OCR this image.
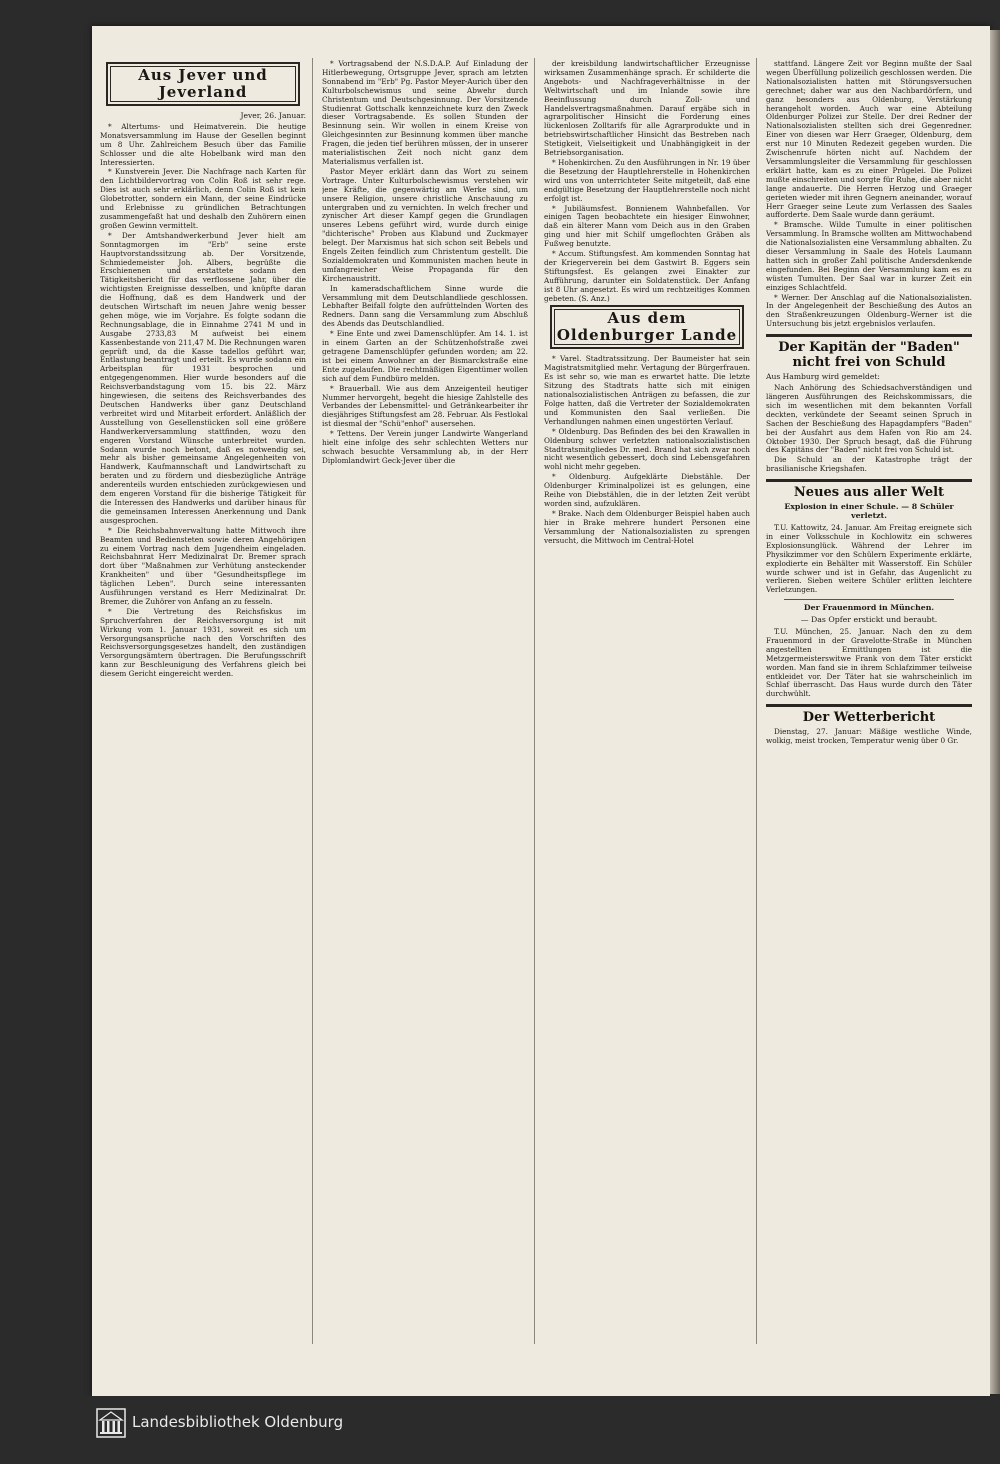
Aus Jever und Jeverland

Jever, 26. Januar.

* Altertums- und Heimatverein. Die heutige Monatsversammlung im Hause der Gesellen beginnt um 8 Uhr. Zahlreichem Besuch über das Familie Schlosser und die alte Hobelbank wird man den Interessierten.

* Kunstverein Jever. Die Nachfrage nach Karten für den Lichtbildervortrag von Colin Roß ist sehr rege. Dies ist auch sehr erklärlich, denn Colin Roß ist kein Globetrotter, sondern ein Mann, der seine Eindrücke und Erlebnisse zu gründlichen Betrachtungen zusammengefaßt hat und deshalb den Zuhörern einen großen Gewinn vermittelt.

* Der Amtshandwerkerbund Jever hielt am Sonntagmorgen im "Erb" seine erste Hauptvorstandssitzung ab. Der Vorsitzende, Schmiedemeister Joh. Albers, begrüßte die Erschienenen und erstattete sodann den Tätigkeitsbericht für das verflossene Jahr, über die wichtigsten Ereignisse desselben, und knüpfte daran die Hoffnung, daß es dem Handwerk und der deutschen Wirtschaft im neuen Jahre wenig besser gehen möge, wie im Vorjahre. Es folgte sodann die Rechnungsablage, die in Einnahme 2741 M und in Ausgabe 2733,83 M aufweist bei einem Kassenbestande von 211,47 M. Die Rechnungen waren geprüft und, da die Kasse tadellos geführt war, Entlastung beantragt und erteilt. Es wurde sodann ein Arbeitsplan für 1931 besprochen und entgegengenommen. Hier wurde besonders auf die Reichsverbandstagung vom 15. bis 22. März hingewiesen, die seitens des Reichsverbandes des Deutschen Handwerks über ganz Deutschland verbreitet wird und Mitarbeit erfordert. Anläßlich der Ausstellung von Gesellenstücken soll eine größere Handwerkerversammlung stattfinden, wozu den engeren Vorstand Wünsche unterbreitet wurden. Sodann wurde noch betont, daß es notwendig sei, mehr als bisher gemeinsame Angelegenheiten von Handwerk, Kaufmannschaft und Landwirtschaft zu beraten und zu fördern und diesbezügliche Anträge anderenteils wurden entschieden zurückgewiesen und dem engeren Vorstand für die bisherige Tätigkeit für die Interessen des Handwerks und darüber hinaus für die gemeinsamen Interessen Anerkennung und Dank ausgesprochen.

* Die Reichsbahnverwaltung hatte Mittwoch ihre Beamten und Bediensteten sowie deren Angehörigen zu einem Vortrag nach dem Jugendheim eingeladen. Reichsbahnrat Herr Medizinalrat Dr. Bremer sprach dort über "Maßnahmen zur Verhütung ansteckender Krankheiten" und über "Gesundheitspflege im täglichen Leben". Durch seine interessanten Ausführungen verstand es Herr Medizinalrat Dr. Bremer, die Zuhörer von Anfang an zu fesseln.

* Die Vertretung des Reichsfiskus im Spruchverfahren der Reichsversorgung ist mit Wirkung vom 1. Januar 1931, soweit es sich um Versorgungsansprüche nach den Vorschriften des Reichsversorgungsgesetzes handelt, den zuständigen Versorgungsämtern übertragen. Die Berufungsschrift kann zur Beschleunigung des Verfahrens gleich bei diesem Gericht eingereicht werden.

* Vortragsabend der N.S.D.A.P. Auf Einladung der Hitlerbewegung, Ortsgruppe Jever, sprach am letzten Sonnabend im "Erb" Pg. Pastor Meyer-Aurich über den Kulturbolschewismus und seine Abwehr durch Christentum und Deutschgesinnung. Der Vorsitzende Studienrat Gottschalk kennzeichnete kurz den Zweck dieser Vortragsabende. Es sollen Stunden der Besinnung sein. Wir wollen in einem Kreise von Gleichgesinnten zur Besinnung kommen über manche Fragen, die jeden tief berühren müssen, der in unserer materialistischen Zeit noch nicht ganz dem Materialismus verfallen ist.

Pastor Meyer erklärt dann das Wort zu seinem Vortrage. Unter Kulturbolschewismus verstehen wir jene Kräfte, die gegenwärtig am Werke sind, um unsere Religion, unsere christliche Anschauung zu untergraben und zu vernichten. In welch frecher und zynischer Art dieser Kampf gegen die Grundlagen unseres Lebens geführt wird, wurde durch einige "dichterische" Proben aus Klabund und Zuckmayer belegt. Der Marxismus hat sich schon seit Bebels und Engels Zeiten feindlich zum Christentum gestellt. Die Sozialdemokraten und Kommunisten machen heute in umfangreicher Weise Propaganda für den Kirchenaustritt.

In kameradschaftlichem Sinne wurde die Versammlung mit dem Deutschlandliede geschlossen. Lebhafter Beifall folgte den aufrüttelnden Worten des Redners. Dann sang die Versammlung zum Abschluß des Abends das Deutschlandlied.

* Eine Ente und zwei Damenschlüpfer. Am 14. 1. ist in einem Garten an der Schützenhofstraße zwei getragene Damenschlüpfer gefunden worden; am 22. ist bei einem Anwohner an der Bismarckstraße eine Ente zugelaufen. Die rechtmäßigen Eigentümer wollen sich auf dem Fundbüro melden.

* Brauerball. Wie aus dem Anzeigenteil heutiger Nummer hervorgeht, begeht die hiesige Zahlstelle des Verbandes der Lebensmittel- und Getränkearbeiter ihr diesjähriges Stiftungsfest am 28. Februar. Als Festlokal ist diesmal der "Schü"enhof" ausersehen.

* Tettens. Der Verein junger Landwirte Wangerland hielt eine infolge des sehr schlechten Wetters nur schwach besuchte Versammlung ab, in der Herr Diplomlandwirt Geck-Jever über die

der kreisbildung landwirtschaftlicher Erzeugnisse wirksamen Zusammenhänge sprach. Er schilderte die Angebots- und Nachfrageverhältnisse in der Weltwirtschaft und im Inlande sowie ihre Beeinflussung durch Zoll- und Handelsvertragsmaßnahmen. Darauf ergäbe sich in agrarpolitischer Hinsicht die Forderung eines lückenlosen Zolltarifs für alle Agrarprodukte und in betriebswirtschaftlicher Hinsicht das Bestreben nach Stetigkeit, Vielseitigkeit und Unabhängigkeit in der Betriebsorganisation.

* Hohenkirchen. Zu den Ausführungen in Nr. 19 über die Besetzung der Hauptlehrerstelle in Hohenkirchen wird uns von unterrichteter Seite mitgeteilt, daß eine endgültige Besetzung der Hauptlehrerstelle noch nicht erfolgt ist.

* Jubiläumsfest. Bonnienem Wahnbefallen. Vor einigen Tagen beobachtete ein hiesiger Einwohner, daß ein älterer Mann vom Deich aus in den Graben ging und hier mit Schilf umgeflochten Gräben als Fußweg benutzte.

* Accum. Stiftungsfest. Am kommenden Sonntag hat der Kriegerverein bei dem Gastwirt B. Eggers sein Stiftungsfest. Es gelangen zwei Einakter zur Aufführung, darunter ein Soldatenstück. Der Anfang ist 8 Uhr angesetzt. Es wird um rechtzeitiges Kommen gebeten. (S. Anz.)

Aus dem Oldenburger Lande

* Varel. Stadtratssitzung. Der Baumeister hat sein Magistratsmitglied mehr. Vertagung der Bürgerfrauen. Es ist sehr so, wie man es erwartet hatte. Die letzte Sitzung des Stadtrats hatte sich mit einigen nationalsozialistischen Anträgen zu befassen, die zur Folge hatten, daß die Vertreter der Sozialdemokraten und Kommunisten den Saal verließen. Die Verhandlungen nahmen einen ungestörten Verlauf.

* Oldenburg. Das Befinden des bei den Krawallen in Oldenburg schwer verletzten nationalsozialistischen Stadtratsmitgliedes Dr. med. Brand hat sich zwar noch nicht wesentlich gebessert, doch sind Lebensgefahren wohl nicht mehr gegeben.

* Oldenburg. Aufgeklärte Diebstähle. Der Oldenburger Kriminalpolizei ist es gelungen, eine Reihe von Diebstählen, die in der letzten Zeit verübt worden sind, aufzuklären.

* Brake. Nach dem Oldenburger Beispiel haben auch hier in Brake mehrere hundert Personen eine Versammlung der Nationalsozialisten zu sprengen versucht, die Mittwoch im Central-Hotel

stattfand. Längere Zeit vor Beginn mußte der Saal wegen Überfüllung polizeilich geschlossen werden. Die Nationalsozialisten hatten mit Störungsversuchen gerechnet; daher war aus den Nachbardörfern, und ganz besonders aus Oldenburg, Verstärkung herangeholt worden. Auch war eine Abteilung Oldenburger Polizei zur Stelle. Der drei Redner der Nationalsozialisten stellten sich drei Gegenredner. Einer von diesen war Herr Graeger, Oldenburg, dem erst nur 10 Minuten Redezeit gegeben wurden. Die Zwischenrufe hörten nicht auf. Nachdem der Versammlungsleiter die Versammlung für geschlossen erklärt hatte, kam es zu einer Prügelei. Die Polizei mußte einschreiten und sorgte für Ruhe, die aber nicht lange andauerte. Die Herren Herzog und Graeger gerieten wieder mit ihren Gegnern aneinander, worauf Herr Graeger seine Leute zum Verlassen des Saales aufforderte. Dem Saale wurde dann geräumt.

* Bramsche. Wilde Tumulte in einer politischen Versammlung. In Bramsche wollten am Mittwochabend die Nationalsozialisten eine Versammlung abhalten. Zu dieser Versammlung in Saale des Hotels Laumann hatten sich in großer Zahl politische Andersdenkende eingefunden. Bei Beginn der Versammlung kam es zu wüsten Tumulten. Der Saal war in kurzer Zeit ein einziges Schlachtfeld.

* Werner. Der Anschlag auf die Nationalsozialisten. In der Angelegenheit der Beschießung des Autos an den Straßenkreuzungen Oldenburg–Werner ist die Untersuchung bis jetzt ergebnislos verlaufen.

Der Kapitän der "Baden" nicht frei von Schuld

Aus Hamburg wird gemeldet:

Nach Anhörung des Schiedsachverständigen und längeren Ausführungen des Reichskommissars, die sich im wesentlichen mit dem bekannten Vorfall deckten, verkündete der Seeamt seinen Spruch in Sachen der Beschießung des Hapagdampfers "Baden" bei der Ausfahrt aus dem Hafen von Rio am 24. Oktober 1930. Der Spruch besagt, daß die Führung des Kapitäns der "Baden" nicht frei von Schuld ist.

Die Schuld an der Katastrophe trägt der brasilianische Kriegshafen.

Neues aus aller Welt
Explosion in einer Schule. — 8 Schüler verletzt.

T.U. Kattowitz, 24. Januar. Am Freitag ereignete sich in einer Volksschule in Kochlowitz ein schweres Explosionsunglück. Während der Lehrer im Physikzimmer vor den Schülern Experimente erklärte, explodierte ein Behälter mit Wasserstoff. Ein Schüler wurde schwer und ist in Gefahr, das Augenlicht zu verlieren. Sieben weitere Schüler erlitten leichtere Verletzungen.

Der Frauenmord in München.
— Das Opfer erstickt und beraubt.

T.U. München, 25. Januar. Nach den zu dem Frauenmord in der Gravelotte-Straße in München angestellten Ermittlungen ist die Metzgermeisterswitwe Frank von dem Täter erstickt worden. Man fand sie in ihrem Schlafzimmer teilweise entkleidet vor. Der Täter hat sie wahrscheinlich im Schlaf überrascht. Das Haus wurde durch den Täter durchwühlt.

Der Wetterbericht

Dienstag, 27. Januar: Mäßige westliche Winde, wolkig, meist trocken, Temperatur wenig über 0 Gr.

Landesbibliothek Oldenburg
